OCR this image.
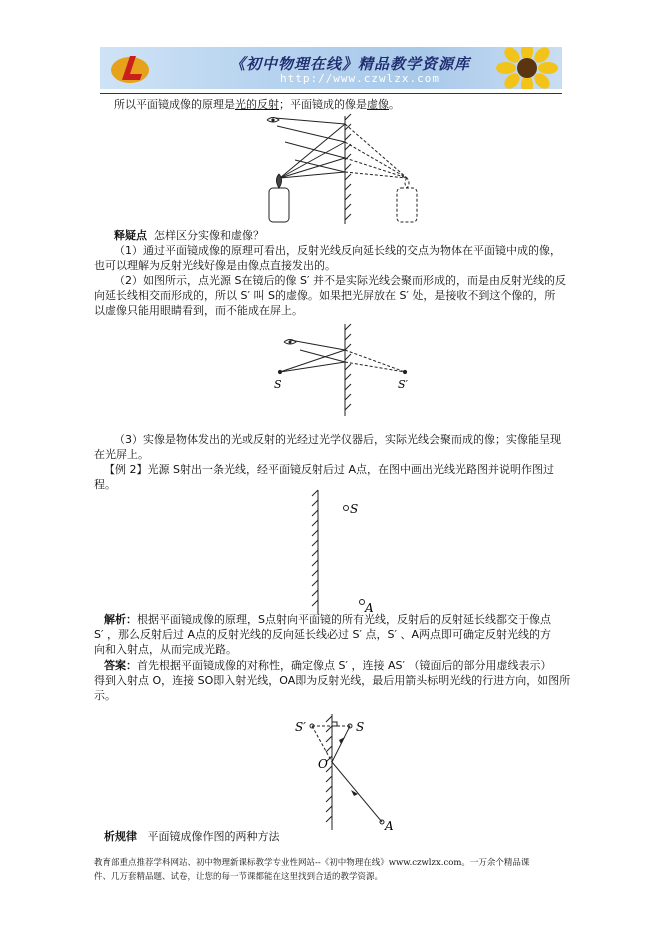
《初中物理在线》精品教学资源库
http://www.czwlzx.com
所以平面镜成像的原理是光的反射；平面镜成的像是虚像。
释疑点 怎样区分实像和虚像？
（1）通过平面镜成像的原理可看出，反射光线反向延长线的交点为物体在平面镜中成的像，
也可以理解为反射光线好像是由像点直接发出的。
（2）如图所示，点光源 S在镜后的像 S′ 并不是实际光线会聚而形成的，而是由反射光线的反
向延长线相交而形成的，所以 S′ 叫 S的虚像。如果把光屏放在 S′ 处，是接收不到这个像的，所
以虚像只能用眼睛看到，而不能成在屏上。
S	S′
（3）实像是物体发出的光或反射的光经过光学仪器后，实际光线会聚而成的像；实像能呈现
在光屏上。
【例 2】光源 S射出一条光线，经平面镜反射后过 A点，在图中画出光线光路图并说明作图过
程。
S
A
解析：根据平面镜成像的原理，S点射向平面镜的所有光线，反射后的反射延长线都交于像点
S′ ，那么反射后过 A点的反射光线的反向延长线必过 S′ 点，S′ 、A两点即可确定反射光线的方
向和入射点，从而完成光路。
答案：首先根据平面镜成像的对称性，确定像点 S′ ，连接 AS′ （镜面后的部分用虚线表示）
得到入射点 O，连接 SO即入射光线，OA即为反射光线，最后用箭头标明光线的行进方向，如图所
示。
S′	S
O
A
析规律 平面镜成像作图的两种方法
教育部重点推荐学科网站、初中物理新课标教学专业性网站--《初中物理在线》www.czwlzx.com。一万余个精品课
件、几万套精品题、试卷，让您的每一节课都能在这里找到合适的教学资源。
